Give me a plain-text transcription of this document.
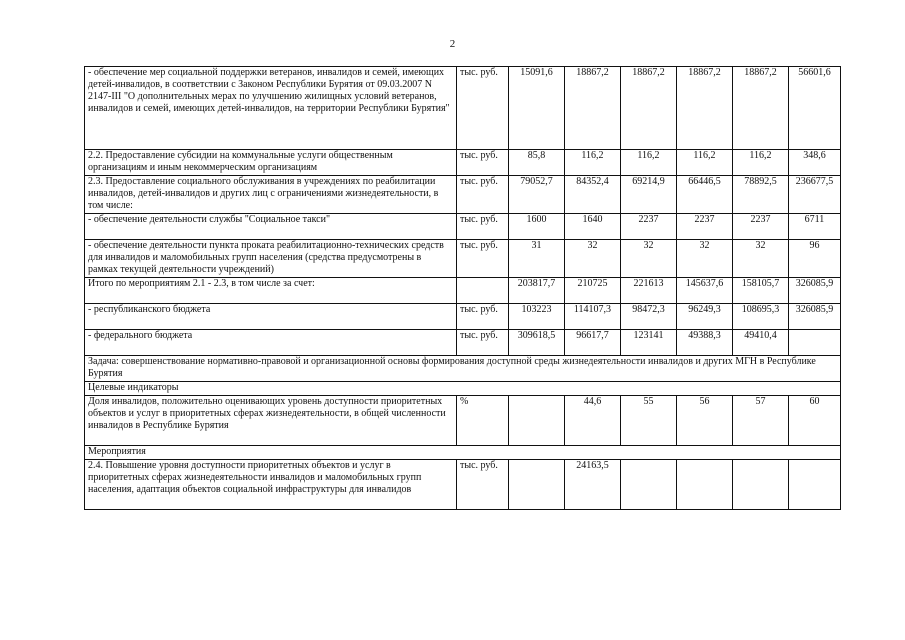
2
- обеспечение мер социальной поддержки ветеранов, инвалидов и семей, имеющих детей-инвалидов, в соответствии с Законом Республики Бурятия от 09.03.2007 N 2147-III "О дополнительных мерах по улучшению жилищных условий ветеранов, инвалидов и семей, имеющих детей-инвалидов, на территории Республики Бурятия"	тыс. руб.	15091,6	18867,2	18867,2	18867,2	18867,2	56601,6
2.2. Предоставление субсидии на коммунальные услуги общественным организациям и иным некоммерческим организациям	тыс. руб.	85,8	116,2	116,2	116,2	116,2	348,6
2.3. Предоставление социального обслуживания в учреждениях по реабилитации инвалидов, детей-инвалидов и других лиц с ограничениями жизнедеятельности, в том числе:	тыс. руб.	79052,7	84352,4	69214,9	66446,5	78892,5	236677,5
- обеспечение деятельности службы "Социальное такси"	тыс. руб.	1600	1640	2237	2237	2237	6711
- обеспечение деятельности пункта проката реабилитационно-технических средств для инвалидов и маломобильных групп населения (средства предусмотрены в рамках текущей деятельности учреждений)	тыс. руб.	31	32	32	32	32	96
Итого по мероприятиям 2.1 - 2.3, в том числе за счет:		203817,7	210725	221613	145637,6	158105,7	326085,9
- республиканского бюджета	тыс. руб.	103223	114107,3	98472,3	96249,3	108695,3	326085,9
- федерального бюджета	тыс. руб.	309618,5	96617,7	123141	49388,3	49410,4	
Задача: совершенствование нормативно-правовой и организационной основы формирования доступной среды жизнедеятельности инвалидов и других МГН в Республике Бурятия							
Целевые индикаторы							
Доля инвалидов, положительно оценивающих уровень доступности приоритетных объектов и услуг в приоритетных сферах жизнедеятельности, в общей численности инвалидов в Республике Бурятия	%		44,6	55	56	57	60
Мероприятия							
2.4. Повышение уровня доступности приоритетных объектов и услуг в приоритетных сферах жизнедеятельности инвалидов и маломобильных групп населения, адаптация объектов социальной инфраструктуры для инвалидов	тыс. руб.		24163,5				
